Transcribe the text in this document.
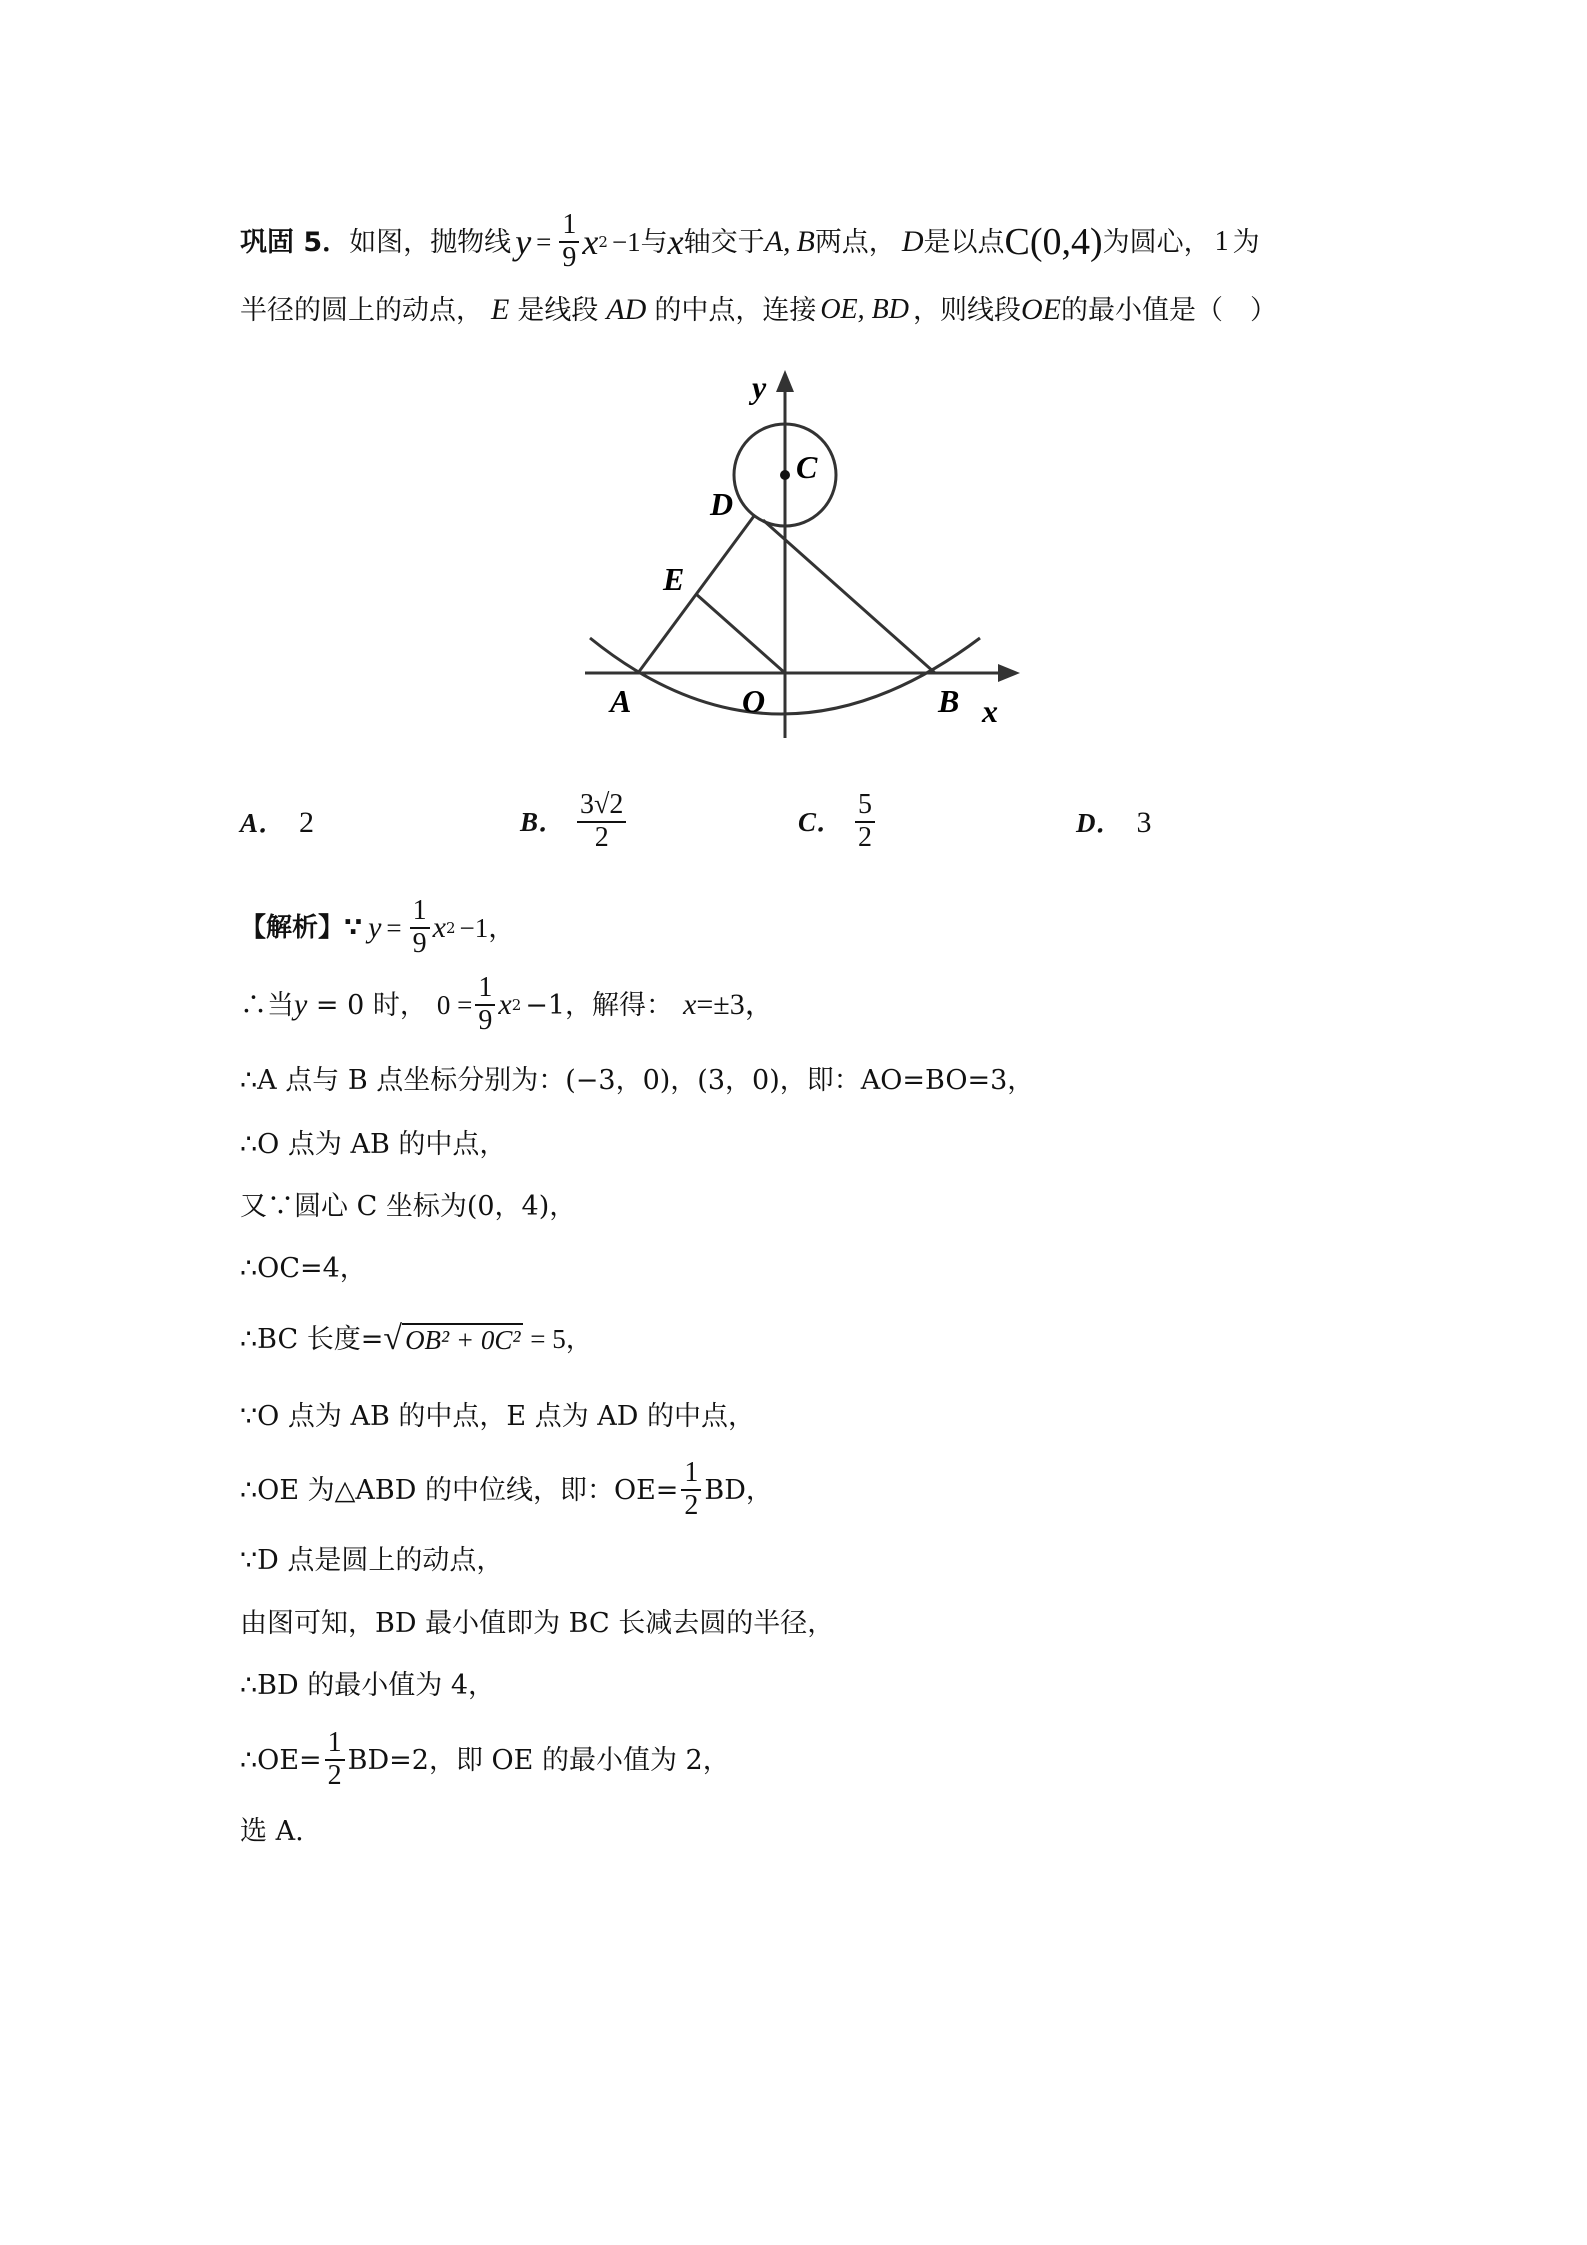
巩固 5． 如图，抛物线 $y = \frac{1}{9}$ x 2 −1 与 x 轴交于 A, B 两点， D 是以点 C(0,4) 为圆心， 1 为
半径的圆上的动点， E 是线段 AD 的中点，连接 OE, BD ，则线段 OE 的最小值是（　）
y
C
D
E
A	O	B x
A． 2	B． $\frac{3√2}{2}$	C． $\frac{5}{2}$	D． 3
【解析】∵ $y = \frac{1}{9}$ x 2 −1，
∴当 y = 0 时， $0 = \frac{1}{9}$ x 2 −1，解得： x =±3，
∴A 点与 B 点坐标分别为：(−3，0)，(3，0)，即：AO=BO=3，
∴O 点为 AB 的中点，
又∵圆心 C 坐标为(0，4)，
∴OC=4，
∴BC 长度= √ OB² + 0C² = 5，
∵O 点为 AB 的中点，E 点为 AD 的中点，
∴OE 为△ABD 的中位线，即：$OE= \frac{1}{2}$ BD，
∵D 点是圆上的动点，
由图可知，BD 最小值即为 BC 长减去圆的半径，
∴BD 的最小值为 4，
∴OE= $\frac{1}{2} BD=2$，即 OE 的最小值为 2，
选 A.
